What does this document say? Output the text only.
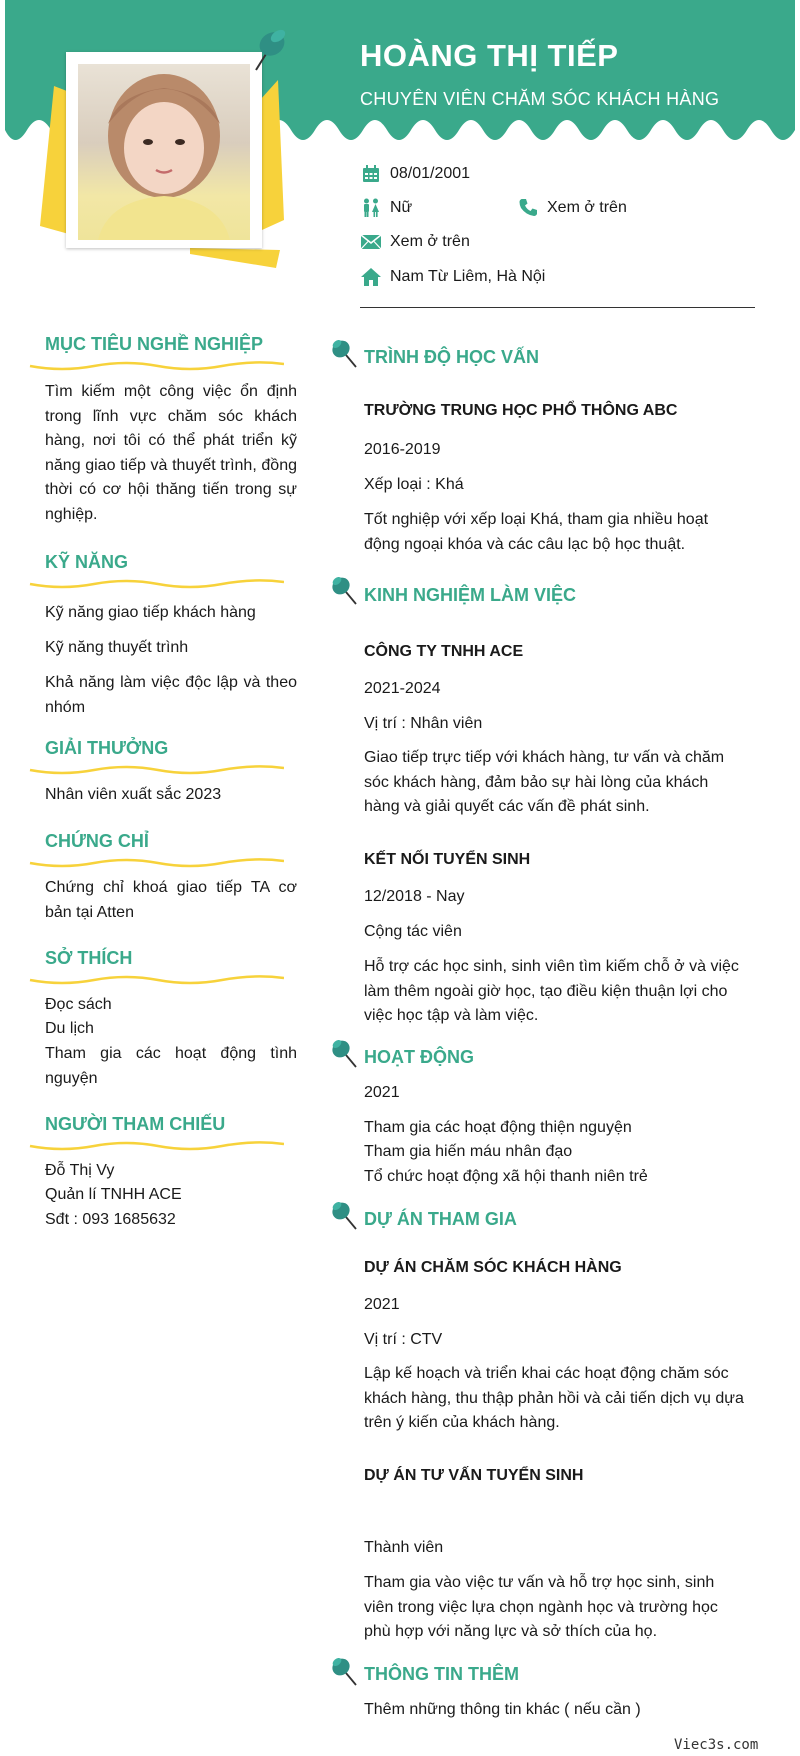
HOÀNG THỊ TIẾP
CHUYÊN VIÊN CHĂM SÓC KHÁCH HÀNG
08/01/2001
Nữ	Xem ở trên
Xem ở trên
Nam Từ Liêm, Hà Nội
MỤC TIÊU NGHỀ NGHIỆP
Tìm kiếm một công việc ổn định trong lĩnh vực chăm sóc khách hàng, nơi tôi có thể phát triển kỹ năng giao tiếp và thuyết trình, đồng thời có cơ hội thăng tiến trong sự nghiệp.
KỸ NĂNG
Kỹ năng giao tiếp khách hàng
Kỹ năng thuyết trình
Khả năng làm việc độc lập và theo nhóm
GIẢI THƯỞNG
Nhân viên xuất sắc 2023
CHỨNG CHỈ
Chứng chỉ khoá giao tiếp TA cơ bản tại Atten
SỞ THÍCH
Đọc sách
Du lịch
Tham gia các hoạt động tình nguyện
NGƯỜI THAM CHIẾU
Đỗ Thị Vy
Quản lí TNHH ACE
Sđt : 093 1685632
TRÌNH ĐỘ HỌC VẤN
TRƯỜNG TRUNG HỌC PHỔ THÔNG ABC
2016-2019
Xếp loại : Khá
Tốt nghiệp với xếp loại Khá, tham gia nhiều hoạt động ngoại khóa và các câu lạc bộ học thuật.
KINH NGHIỆM LÀM VIỆC
CÔNG TY TNHH ACE
2021-2024
Vị trí : Nhân viên
Giao tiếp trực tiếp với khách hàng, tư vấn và chăm sóc khách hàng, đảm bảo sự hài lòng của khách hàng và giải quyết các vấn đề phát sinh.
KẾT NỐI TUYỂN SINH
12/2018 - Nay
Cộng tác viên
Hỗ trợ các học sinh, sinh viên tìm kiếm chỗ ở và việc làm thêm ngoài giờ học, tạo điều kiện thuận lợi cho việc học tập và làm việc.
HOẠT ĐỘNG
2021
Tham gia các hoạt động thiện nguyện
Tham gia hiến máu nhân đạo
Tổ chức hoạt động xã hội thanh niên trẻ
DỰ ÁN THAM GIA
DỰ ÁN CHĂM SÓC KHÁCH HÀNG
2021
Vị trí : CTV
Lập kế hoạch và triển khai các hoạt động chăm sóc khách hàng, thu thập phản hồi và cải tiến dịch vụ dựa trên ý kiến của khách hàng.
DỰ ÁN TƯ VẤN TUYỂN SINH
Thành viên
Tham gia vào việc tư vấn và hỗ trợ học sinh, sinh viên trong việc lựa chọn ngành học và trường học phù hợp với năng lực và sở thích của họ.
THÔNG TIN THÊM
Thêm những thông tin khác ( nếu cần )
Viec3s.com
